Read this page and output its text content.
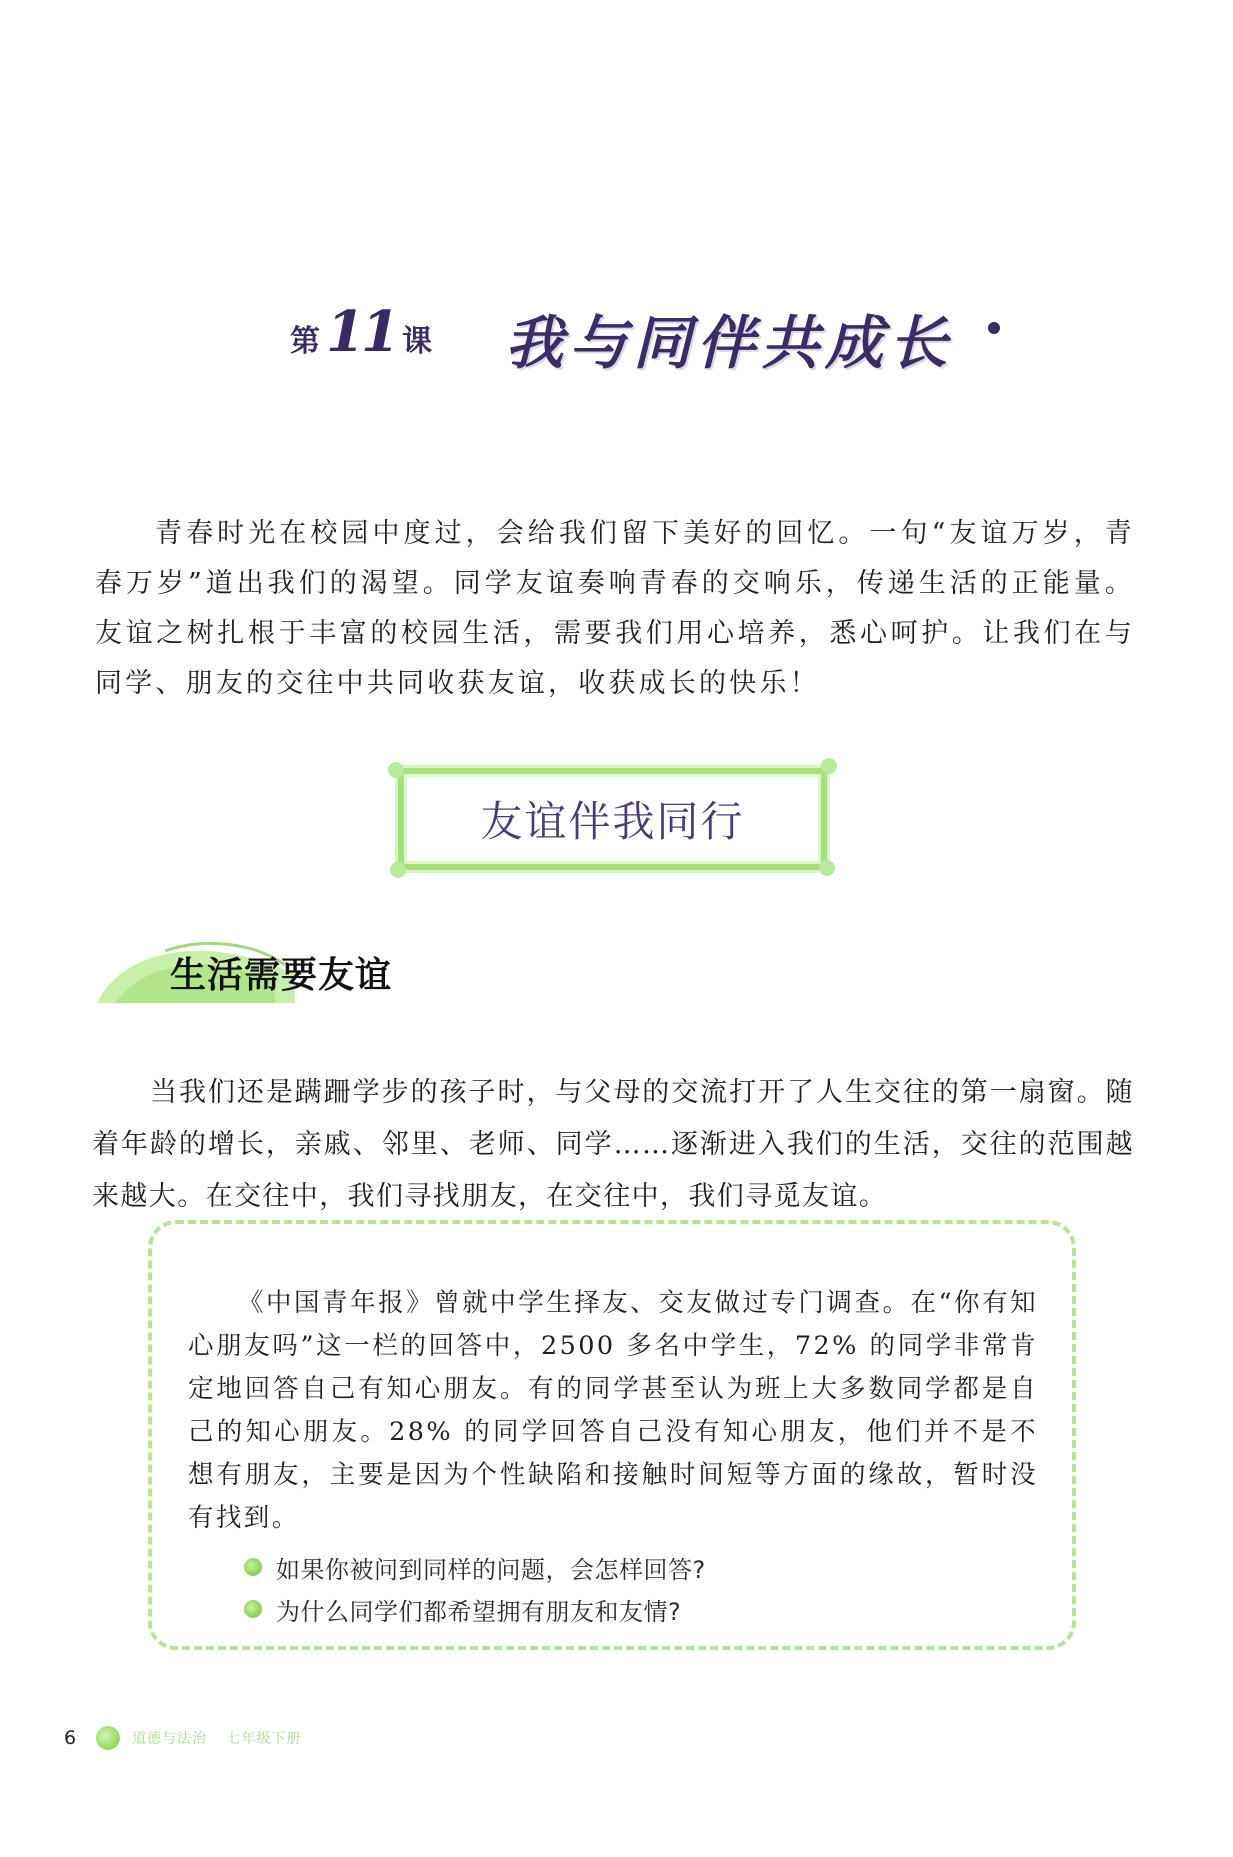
第 11 课 我与同伴共成长

青春时光在校园中度过，会给我们留下美好的回忆。一句“友谊万岁，青春万岁”道出我们的渴望。同学友谊奏响青春的交响乐，传递生活的正能量。友谊之树扎根于丰富的校园生活，需要我们用心培养，悉心呵护。让我们在与同学、朋友的交往中共同收获友谊，收获成长的快乐！

友谊伴我同行
生活需要友谊

当我们还是蹒跚学步的孩子时，与父母的交流打开了人生交往的第一扇窗。随着年龄的增长，亲戚、邻里、老师、同学……逐渐进入我们的生活，交往的范围越来越大。在交往中，我们寻找朋友，在交往中，我们寻觅友谊。

《中国青年报》曾就中学生择友、交友做过专门调查。在“你有知心朋友吗”这一栏的回答中，2500 多名中学生，72% 的同学非常肯定地回答自己有知心朋友。有的同学甚至认为班上大多数同学都是自己的知心朋友。28% 的同学回答自己没有知心朋友，他们并不是不想有朋友，主要是因为个性缺陷和接触时间短等方面的缘故，暂时没有找到。

如果你被问到同样的问题，会怎样回答?
为什么同学们都希望拥有朋友和友情?
6	道德与法治 七年级下册
